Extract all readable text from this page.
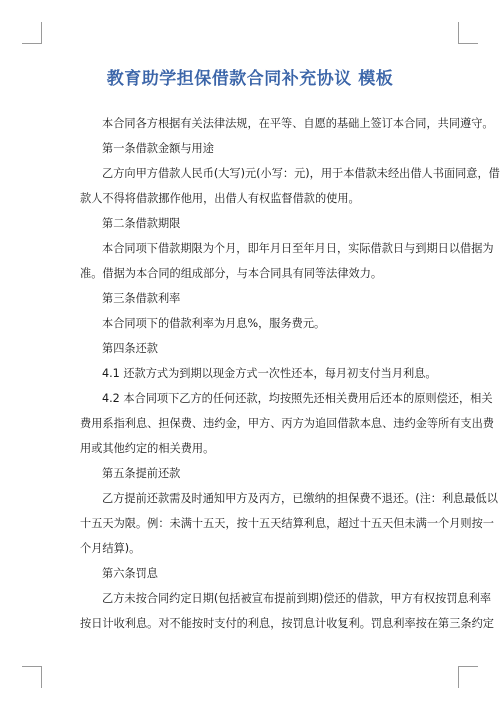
教育助学担保借款合同补充协议 模板
本合同各方根据有关法律法规，在平等、自愿的基础上签订本合同，共同遵守。
第一条借款金额与用途
乙方向甲方借款人民币(大写)元(小写：元)，用于本借款未经出借人书面同意，借
款人不得将借款挪作他用，出借人有权监督借款的使用。
第二条借款期限
本合同项下借款期限为个月，即年月日至年月日，实际借款日与到期日以借据为
准。借据为本合同的组成部分，与本合同具有同等法律效力。
第三条借款利率
本合同项下的借款利率为月息%，服务费元。
第四条还款
4.1 还款方式为到期以现金方式一次性还本，每月初支付当月利息。
4.2 本合同项下乙方的任何还款，均按照先还相关费用后还本的原则偿还，相关
费用系指利息、担保费、违约金，甲方、丙方为追回借款本息、违约金等所有支出费
用或其他约定的相关费用。
第五条提前还款
乙方提前还款需及时通知甲方及丙方，已缴纳的担保费不退还。(注：利息最低以
十五天为限。例：未满十五天，按十五天结算利息，超过十五天但未满一个月则按一
个月结算)。
第六条罚息
乙方未按合同约定日期(包括被宣布提前到期)偿还的借款，甲方有权按罚息利率
按日计收利息。对不能按时支付的利息，按罚息计收复利。罚息利率按在第三条约定
